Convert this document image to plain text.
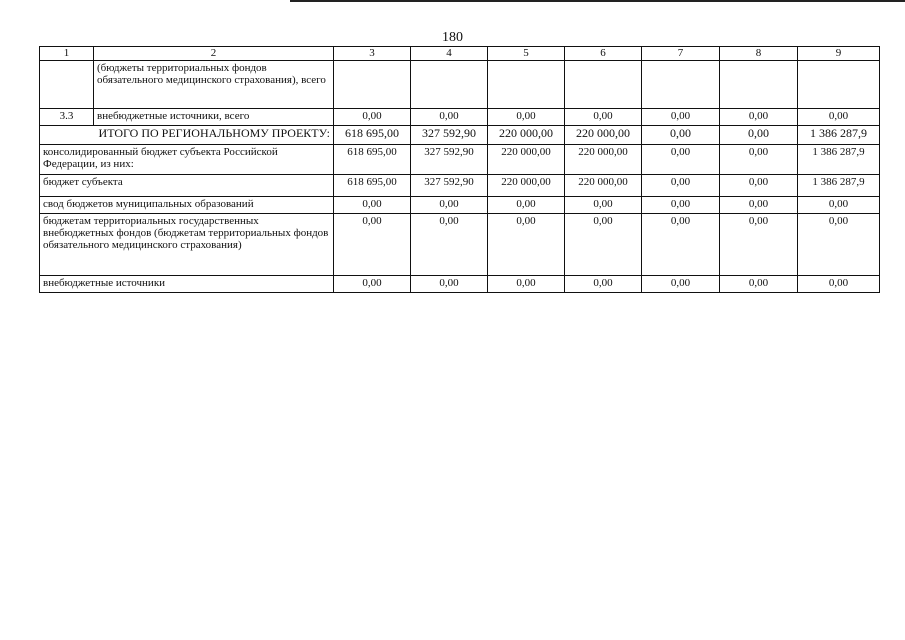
180
1	2	3	4	5	6	7	8	9
	(бюджеты территориальных фондов обязательного медицинского страхования), всего							
3.3	внебюджетные источники, всего	0,00	0,00	0,00	0,00	0,00	0,00	0,00
ИТОГО ПО РЕГИОНАЛЬНОМУ ПРОЕКТУ:		618 695,00	327 592,90	220 000,00	220 000,00	0,00	0,00	1 386 287,9
консолидированный бюджет субъекта Российской Федерации, из них:		618 695,00	327 592,90	220 000,00	220 000,00	0,00	0,00	1 386 287,9
бюджет субъекта		618 695,00	327 592,90	220 000,00	220 000,00	0,00	0,00	1 386 287,9
свод бюджетов муниципальных образований		0,00	0,00	0,00	0,00	0,00	0,00	0,00
бюджетам территориальных государственных внебюджетных фондов (бюджетам территориальных фондов обязательного медицинского страхования)		0,00	0,00	0,00	0,00	0,00	0,00	0,00
внебюджетные источники		0,00	0,00	0,00	0,00	0,00	0,00	0,00
